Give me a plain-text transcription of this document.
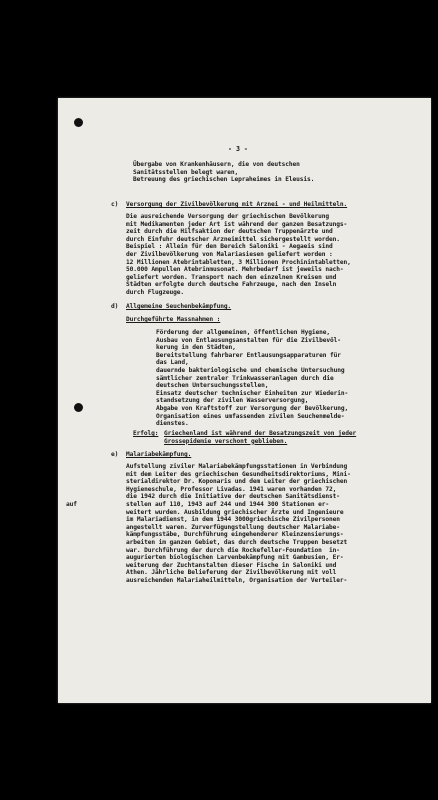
- 3 -
Übergabe von Krankenhäusern, die von deutschen
Sanitätsstellen belegt waren,
Betreuung des griechischen Lepraheimes in Eleusis.
c) Versorgung der Zivilbevölkerung mit Arznei - und Heilmitteln.
Die ausreichende Versorgung der griechischen Bevölkerung
mit Medikamenten jeder Art ist während der ganzen Besatzungs-
zeit durch die Hilfsaktion der deutschen Truppenärzte und
durch Einfuhr deutscher Arzneimittel sichergestellt worden.
Beispiel : Allein für den Bereich Saloniki - Aegaeis sind
der Zivilbevölkerung von Malariasiesen geliefert worden :
12 Millionen Atebrintabletten, 3 Millionen Prochinintabletten,
50.000 Ampullen Atebrinmusonat. Mehrbedarf ist jeweils nach-
geliefert worden. Transport nach den einzelnen Kreisen und
Städten erfolgte durch deutsche Fahrzeuge, nach den Inseln
durch Flugzeuge.
d) Allgemeine Seuchenbekämpfung.
Durchgeführte Massnahmen :
Förderung der allgemeinen, öffentlichen Hygiene,
Ausbau von Entlausungsanstalten für die Zivilbevöl-
kerung in den Städten,
Bereitstellung fahrbarer Entlausungsapparaturen für
das Land,
dauernde bakteriologische und chemische Untersuchung
sämtlicher zentraler Trinkwasseranlagen durch die
deutschen Untersuchungsstellen,
Einsatz deutscher technischer Einheiten zur Wiederin-
standsetzung der zivilen Wasserversorgung,
Abgabe von Kraftstoff zur Versorgung der Bevölkerung,
Organisation eines umfassenden zivilen Seuchenmelde-
dienstes.
Erfolg: Griechenland ist während der Besatzungszeit von jeder
Grossepidemie verschont geblieben.
e) Malariabekämpfung.
Aufstellung ziviler Malariabekämpfungsstationen in Verbindung
mit dem Leiter des griechischen Gesundheitsdirektoriums, Mini-
sterialdirektor Dr. Koponaris und dem Leiter der griechischen
Hygieneschule, Professor Livadas. 1941 waren vorhanden 72,
die 1942 durch die Initiative der deutschen Sanitätsdienst-
stellen auf 110, 1943 auf 244 und 1944 300 Stationen er-
weitert wurden. Ausbildung griechischer Ärzte und Ingenieure
im Malariadienst, in dem 1944 3000griechische Zivilpersonen
angestellt waren. Zurverfügungstellung deutscher Malariabe-
kämpfungsstäbe, Durchführung eingehenderer Kleinzensierungs-
arbeiten im ganzen Gebiet, das durch deutsche Truppen besetzt
war. Durchführung der durch die Rockefeller-Foundation  in-
augurierten biologischen Larvenbekämpfung mit Gambusien, Er-
weiterung der Zuchtanstalten dieser Fische in Saloniki und
Athen. Jährliche Belieferung der Zivilbevölkerung mit voll
ausreichenden Malariaheilmitteln, Organisation der Verteiler-
auf
